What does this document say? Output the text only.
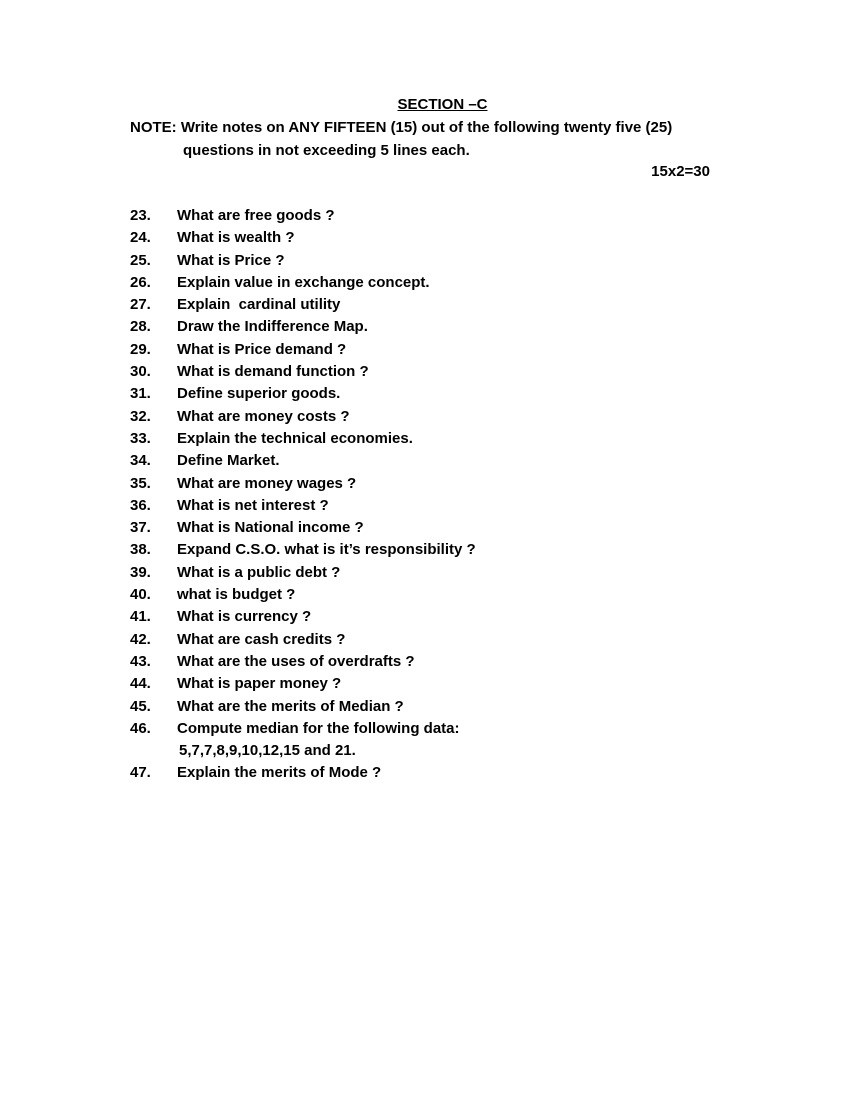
SECTION –C
NOTE: Write notes on ANY FIFTEEN (15) out of the following twenty five (25)
questions in not exceeding 5 lines each.
15x2=30
23. What are free goods ?
24. What is wealth ?
25. What is Price ?
26. Explain value in exchange concept.
27. Explain  cardinal utility
28. Draw the Indifference Map.
29. What is Price demand ?
30. What is demand function ?
31. Define superior goods.
32. What are money costs ?
33. Explain the technical economies.
34. Define Market.
35. What are money wages ?
36. What is net interest ?
37. What is National income ?
38. Expand C.S.O. what is it’s responsibility ?
39. What is a public debt ?
40. what is budget ?
41. What is currency ?
42. What are cash credits ?
43. What are the uses of overdrafts ?
44. What is paper money ?
45. What are the merits of Median ?
46. Compute median for the following data:
5,7,7,8,9,10,12,15 and 21.
47. Explain the merits of Mode ?
